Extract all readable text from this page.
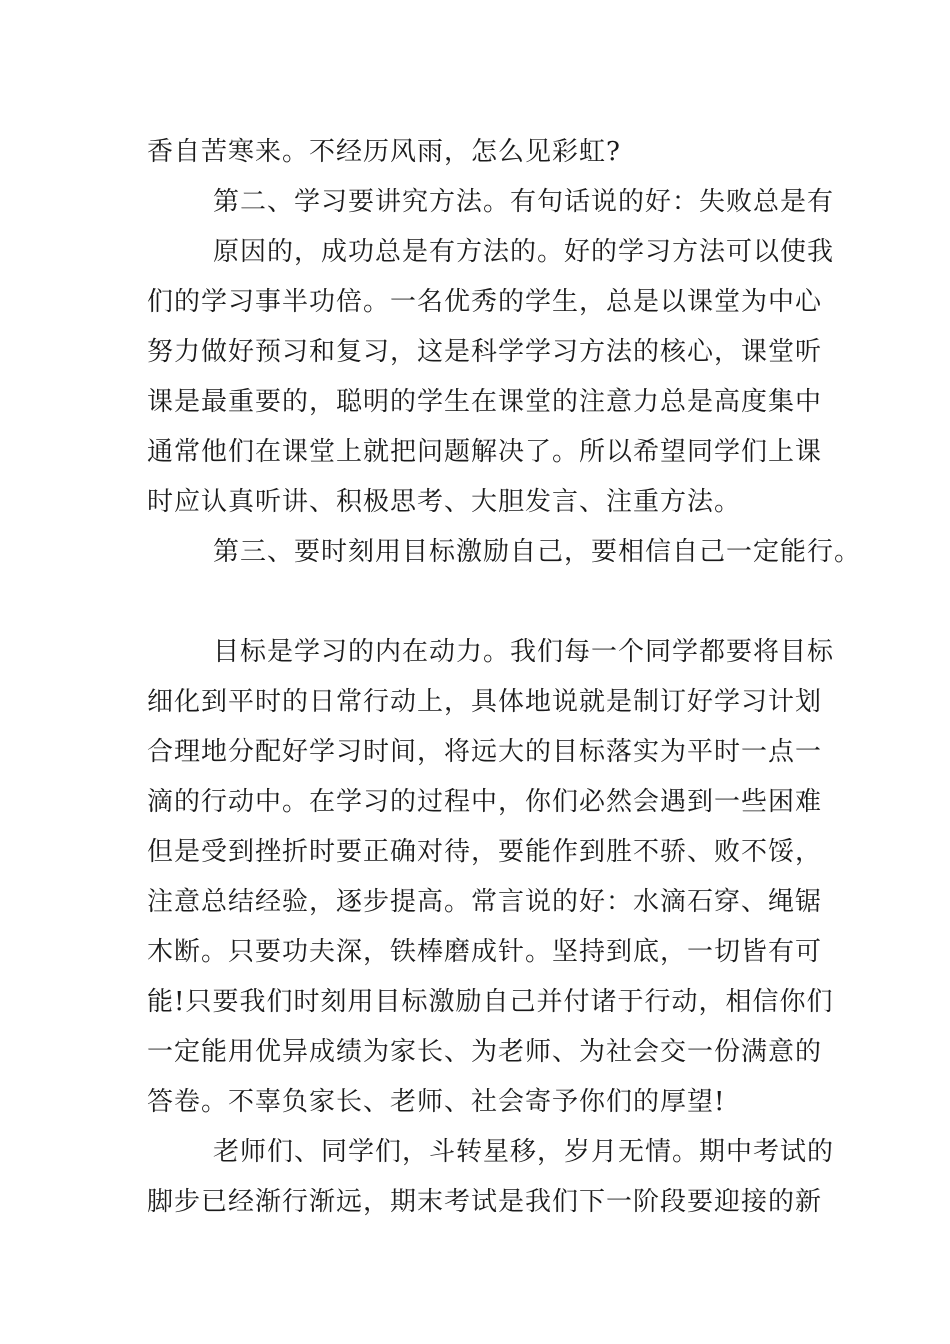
香自苦寒来。不经历风雨，怎么见彩虹?
第二、学习要讲究方法。有句话说的好：失败总是有
原因的，成功总是有方法的。好的学习方法可以使我
们的学习事半功倍。一名优秀的学生，总是以课堂为中心
努力做好预习和复习，这是科学学习方法的核心，课堂听
课是最重要的，聪明的学生在课堂的注意力总是高度集中
通常他们在课堂上就把问题解决了。所以希望同学们上课
时应认真听讲、积极思考、大胆发言、注重方法。
第三、要时刻用目标激励自己，要相信自己一定能行。
目标是学习的内在动力。我们每一个同学都要将目标
细化到平时的日常行动上，具体地说就是制订好学习计划
合理地分配好学习时间，将远大的目标落实为平时一点一
滴的行动中。在学习的过程中，你们必然会遇到一些困难
但是受到挫折时要正确对待，要能作到胜不骄、败不馁，
注意总结经验，逐步提高。常言说的好：水滴石穿、绳锯
木断。只要功夫深，铁棒磨成针。坚持到底，一切皆有可
能!只要我们时刻用目标激励自己并付诸于行动，相信你们
一定能用优异成绩为家长、为老师、为社会交一份满意的
答卷。不辜负家长、老师、社会寄予你们的厚望!
老师们、同学们，斗转星移，岁月无情。期中考试的
脚步已经渐行渐远，期末考试是我们下一阶段要迎接的新
